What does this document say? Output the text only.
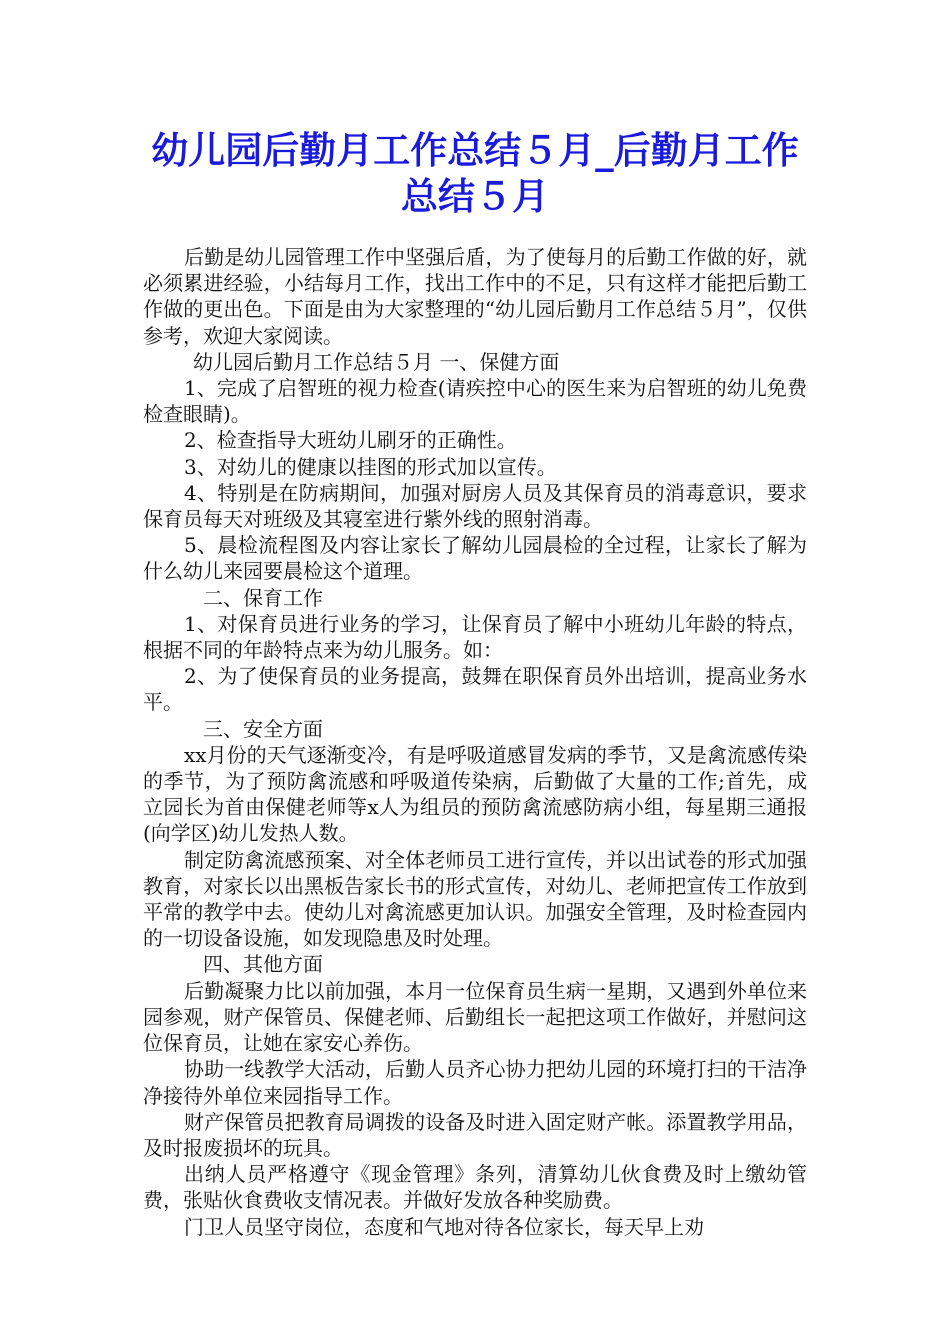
幼儿园后勤月工作总结５月_后勤月工作总结５月

后勤是幼儿园管理工作中坚强后盾，为了使每月的后勤工作做的好，就必须累进经验，小结每月工作，找出工作中的不足，只有这样才能把后勤工作做的更出色。下面是由为大家整理的“幼儿园后勤月工作总结５月”，仅供参考，欢迎大家阅读。

幼儿园后勤月工作总结５月 一、保健方面

1、完成了启智班的视力检查(请疾控中心的医生来为启智班的幼儿免费检查眼睛)。

2、检查指导大班幼儿刷牙的正确性。

3、对幼儿的健康以挂图的形式加以宣传。

4、特别是在防病期间，加强对厨房人员及其保育员的消毒意识，要求保育员每天对班级及其寝室进行紫外线的照射消毒。

5、晨检流程图及内容让家长了解幼儿园晨检的全过程，让家长了解为什么幼儿来园要晨检这个道理。

二、保育工作

1、对保育员进行业务的学习，让保育员了解中小班幼儿年龄的特点，根据不同的年龄特点来为幼儿服务。如：

2、为了使保育员的业务提高，鼓舞在职保育员外出培训，提高业务水平。

三、安全方面

xx月份的天气逐渐变冷，有是呼吸道感冒发病的季节，又是禽流感传染的季节，为了预防禽流感和呼吸道传染病，后勤做了大量的工作;首先，成立园长为首由保健老师等x人为组员的预防禽流感防病小组，每星期三通报(向学区)幼儿发热人数。

制定防禽流感预案、对全体老师员工进行宣传，并以出试卷的形式加强教育，对家长以出黑板告家长书的形式宣传，对幼儿、老师把宣传工作放到平常的教学中去。使幼儿对禽流感更加认识。加强安全管理，及时检查园内的一切设备设施，如发现隐患及时处理。

四、其他方面

后勤凝聚力比以前加强，本月一位保育员生病一星期，又遇到外单位来园参观，财产保管员、保健老师、后勤组长一起把这项工作做好，并慰问这位保育员，让她在家安心养伤。

协助一线教学大活动，后勤人员齐心协力把幼儿园的环境打扫的干洁净净接待外单位来园指导工作。

财产保管员把教育局调拨的设备及时进入固定财产帐。添置教学用品，及时报废损坏的玩具。

出纳人员严格遵守《现金管理》条列，清算幼儿伙食费及时上缴幼管费，张贴伙食费收支情况表。并做好发放各种奖励费。

门卫人员坚守岗位，态度和气地对待各位家长，每天早上劝
